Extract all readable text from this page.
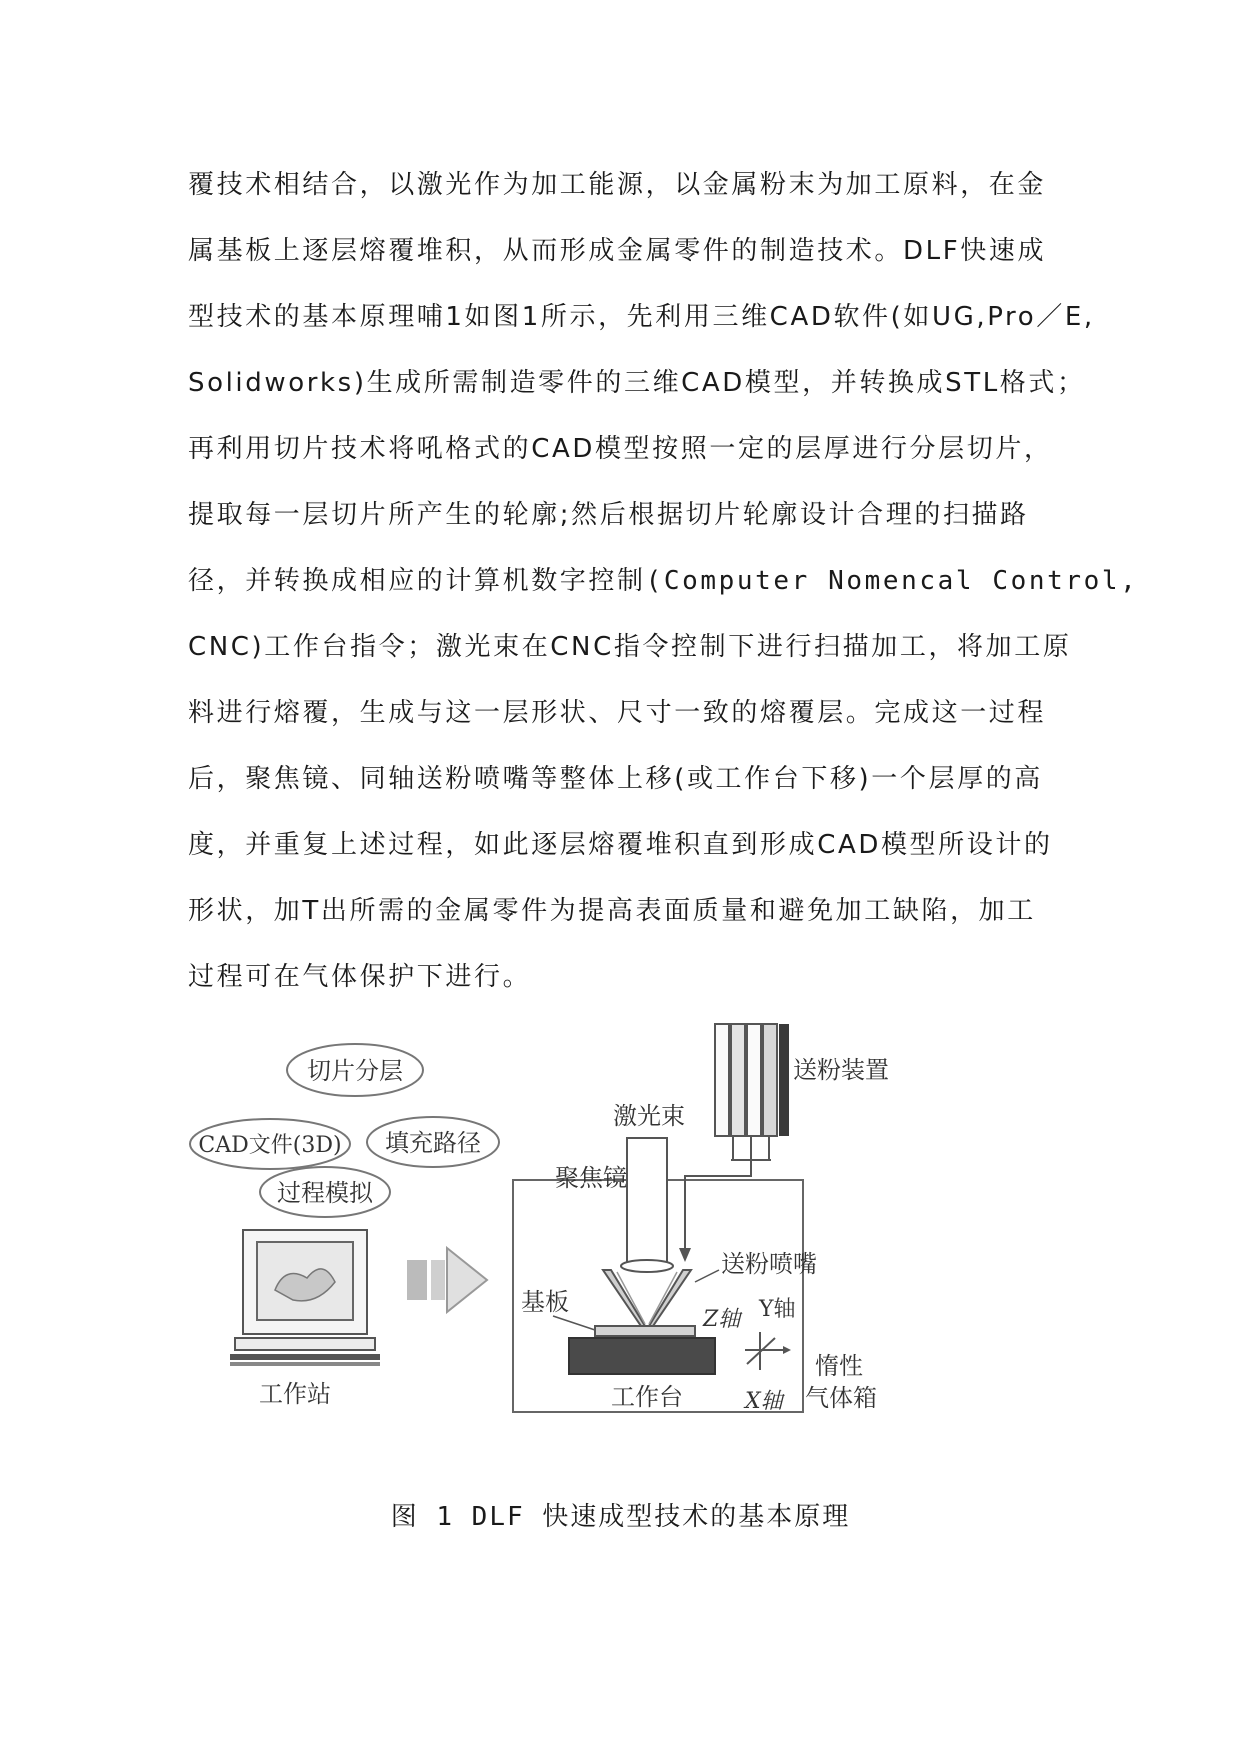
覆技术相结合，以激光作为加工能源，以金属粉末为加工原料，在金
属基板上逐层熔覆堆积，从而形成金属零件的制造技术。DLF快速成
型技术的基本原理哺1如图1所示，先利用三维CAD软件(如UG,Pro／E,
Solidworks)生成所需制造零件的三维CAD模型，并转换成STL格式；
再利用切片技术将吼格式的CAD模型按照一定的层厚进行分层切片，
提取每一层切片所产生的轮廓;然后根据切片轮廓设计合理的扫描路
径，并转换成相应的计算机数字控制(Computer Nomencal Control,
CNC)工作台指令；激光束在CNC指令控制下进行扫描加工，将加工原
料进行熔覆，生成与这一层形状、尺寸一致的熔覆层。完成这一过程
后，聚焦镜、同轴送粉喷嘴等整体上移(或工作台下移)一个层厚的高
度，并重复上述过程，如此逐层熔覆堆积直到形成CAD模型所设计的
形状，加T出所需的金属零件为提高表面质量和避免加工缺陷，加工
过程可在气体保护下进行。
切片分层
CAD文件(3D) 填充路径
过程模拟
工作站
送粉装置
激光束
聚焦镜
送粉喷嘴
基板
工作台
Z轴 Y轴
X轴
惰性
气体箱
图 1 DLF 快速成型技术的基本原理
